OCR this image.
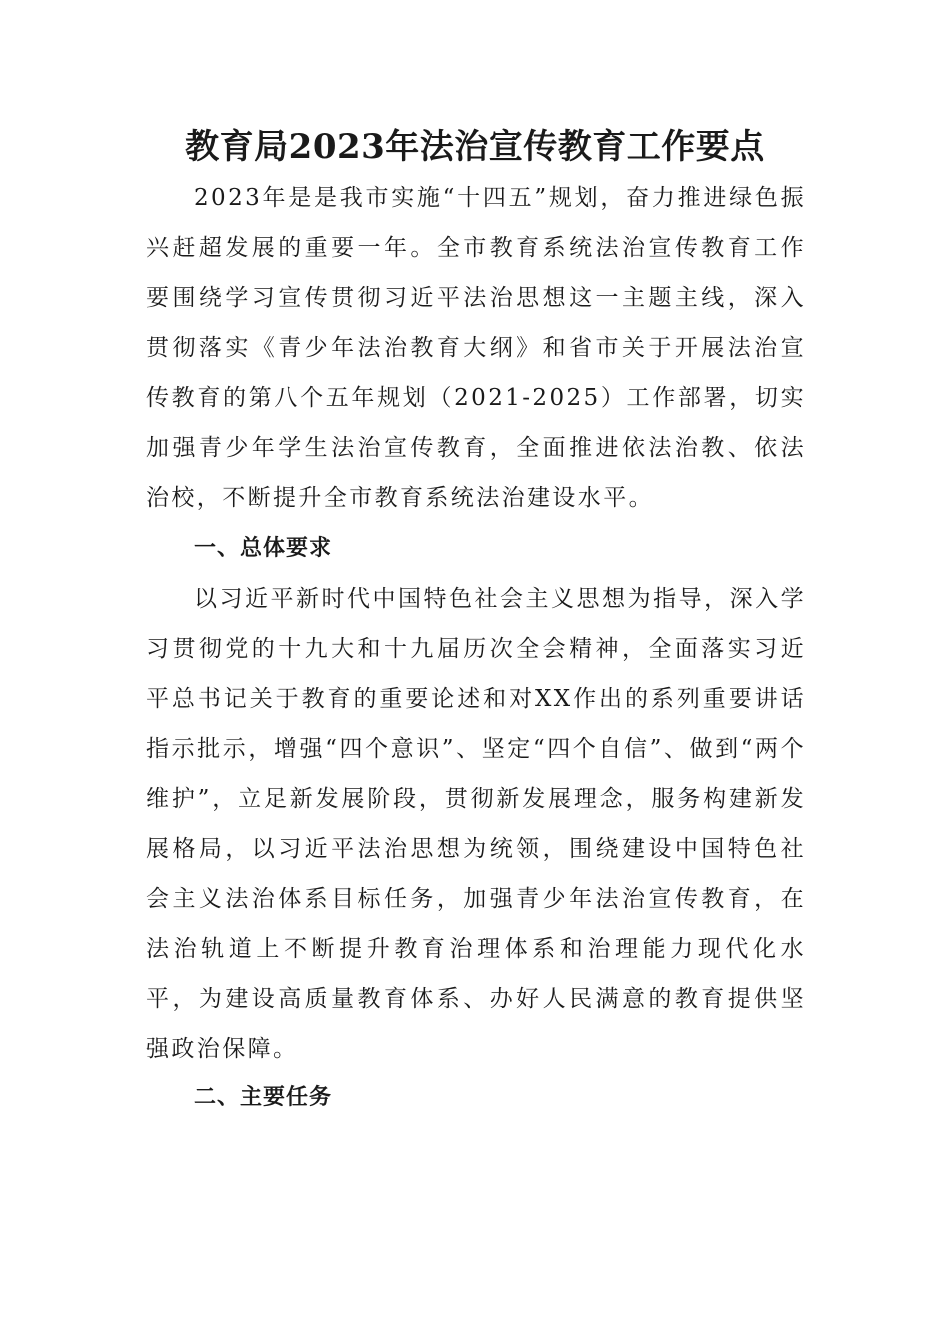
教育局2023年法治宣传教育工作要点

2023年是是我市实施“十四五”规划，奋力推进绿色振兴赶超发展的重要一年。全市教育系统法治宣传教育工作要围绕学习宣传贯彻习近平法治思想这一主题主线，深入贯彻落实《青少年法治教育大纲》和省市关于开展法治宣传教育的第八个五年规划（2021-2025）工作部署，切实加强青少年学生法治宣传教育，全面推进依法治教、依法治校，不断提升全市教育系统法治建设水平。

一、总体要求

以习近平新时代中国特色社会主义思想为指导，深入学习贯彻党的十九大和十九届历次全会精神，全面落实习近平总书记关于教育的重要论述和对XX作出的系列重要讲话指示批示，增强“四个意识”、坚定“四个自信”、做到“两个维护”，立足新发展阶段，贯彻新发展理念，服务构建新发展格局，以习近平法治思想为统领，围绕建设中国特色社会主义法治体系目标任务，加强青少年法治宣传教育，在法治轨道上不断提升教育治理体系和治理能力现代化水平，为建设高质量教育体系、办好人民满意的教育提供坚强政治保障。

二、主要任务
